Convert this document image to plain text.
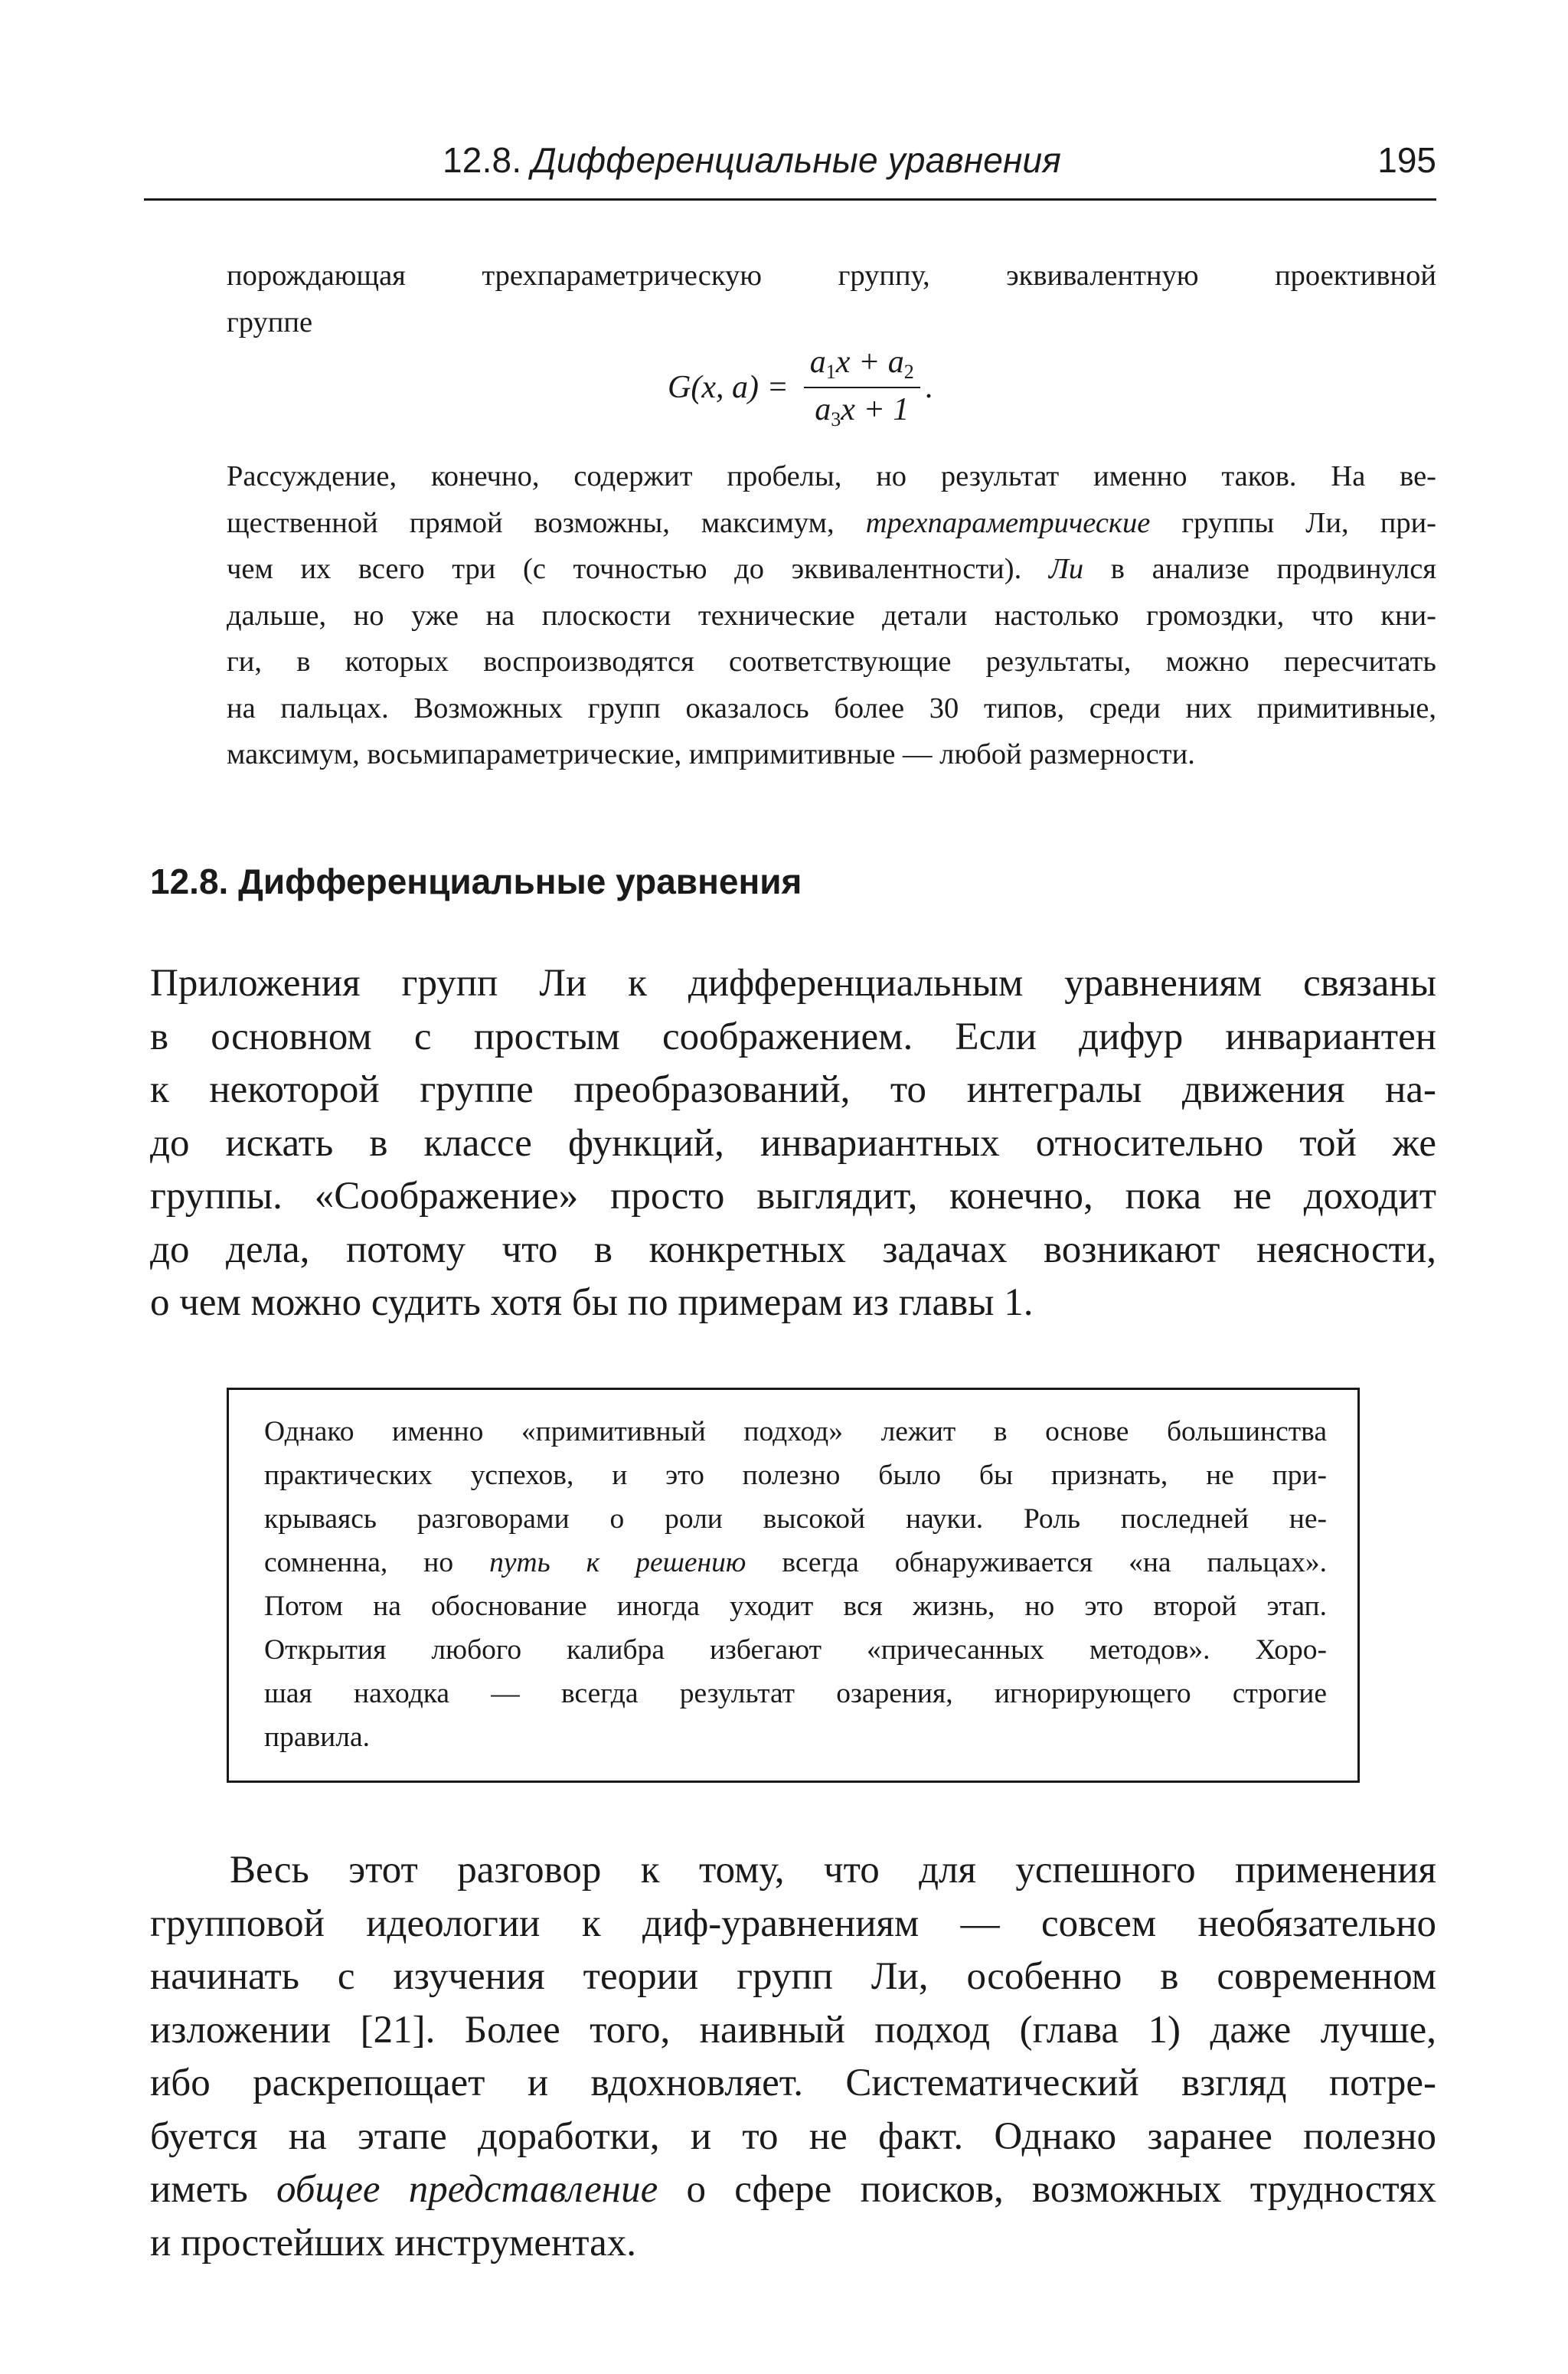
12.8. Дифференциальные уравнения	195
порождающая трехпараметрическую группу, эквивалентную проективной
группе
G(x, $a) = \frac{a_1x + a_2}{a_3x + 1}$ .
Рассуждение, конечно, содержит пробелы, но результат именно таков. На ве-
щественной прямой возможны, максимум, трехпараметрические группы Ли, при-
чем их всего три (с точностью до эквивалентности). Ли в анализе продвинулся
дальше, но уже на плоскости технические детали настолько громоздки, что кни-
ги, в которых воспроизводятся соответствующие результаты, можно пересчитать
на пальцах. Возможных групп оказалось более 30 типов, среди них примитивные,
максимум, восьмипараметрические, импримитивные — любой размерности.
12.8. Дифференциальные уравнения
Приложения групп Ли к дифференциальным уравнениям связаны
в основном с простым соображением. Если дифур инвариантен
к некоторой группе преобразований, то интегралы движения на-
до искать в классе функций, инвариантных относительно той же
группы. «Соображение» просто выглядит, конечно, пока не доходит
до дела, потому что в конкретных задачах возникают неясности,
о чем можно судить хотя бы по примерам из главы 1.
Однако именно «примитивный подход» лежит в основе большинства
практических успехов, и это полезно было бы признать, не при-
крываясь разговорами о роли высокой науки. Роль последней не-
сомненна, но путь к решению всегда обнаруживается «на пальцах».
Потом на обоснование иногда уходит вся жизнь, но это второй этап.
Открытия любого калибра избегают «причесанных методов». Хоро-
шая находка — всегда результат озарения, игнорирующего строгие
правила.
Весь этот разговор к тому, что для успешного применения
групповой идеологии к диф-уравнениям — совсем необязательно
начинать с изучения теории групп Ли, особенно в современном
изложении [21]. Более того, наивный подход (глава 1) даже лучше,
ибо раскрепощает и вдохновляет. Систематический взгляд потре-
буется на этапе доработки, и то не факт. Однако заранее полезно
иметь общее представление о сфере поисков, возможных трудностях
и простейших инструментах.
